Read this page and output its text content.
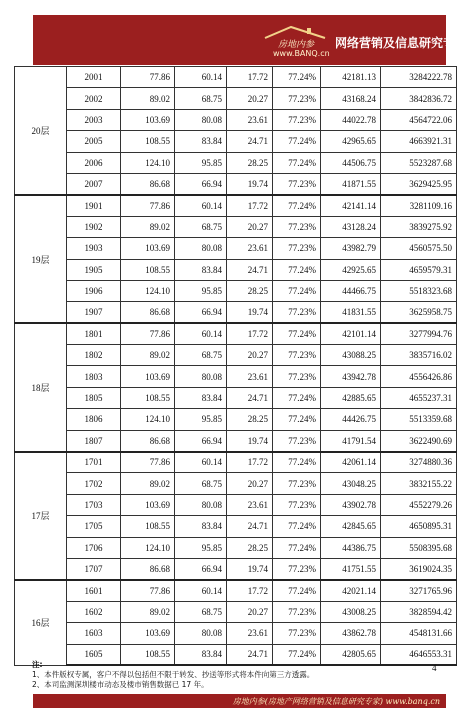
房地内参
www.BANQ.cn
网络营销及信息研究专家
20层	2001	77.86	60.14	17.72	77.24%	42181.13	3284222.78
	2002	89.02	68.75	20.27	77.23%	43168.24	3842836.72
	2003	103.69	80.08	23.61	77.23%	44022.78	4564722.06
	2005	108.55	83.84	24.71	77.24%	42965.65	4663921.31
	2006	124.10	95.85	28.25	77.24%	44506.75	5523287.68
	2007	86.68	66.94	19.74	77.23%	41871.55	3629425.95
19层	1901	77.86	60.14	17.72	77.24%	42141.14	3281109.16
	1902	89.02	68.75	20.27	77.23%	43128.24	3839275.92
	1903	103.69	80.08	23.61	77.23%	43982.79	4560575.50
	1905	108.55	83.84	24.71	77.24%	42925.65	4659579.31
	1906	124.10	95.85	28.25	77.24%	44466.75	5518323.68
	1907	86.68	66.94	19.74	77.23%	41831.55	3625958.75
18层	1801	77.86	60.14	17.72	77.24%	42101.14	3277994.76
	1802	89.02	68.75	20.27	77.23%	43088.25	3835716.02
	1803	103.69	80.08	23.61	77.23%	43942.78	4556426.86
	1805	108.55	83.84	24.71	77.24%	42885.65	4655237.31
	1806	124.10	95.85	28.25	77.24%	44426.75	5513359.68
	1807	86.68	66.94	19.74	77.23%	41791.54	3622490.69
17层	1701	77.86	60.14	17.72	77.24%	42061.14	3274880.36
	1702	89.02	68.75	20.27	77.23%	43048.25	3832155.22
	1703	103.69	80.08	23.61	77.23%	43902.78	4552279.26
	1705	108.55	83.84	24.71	77.24%	42845.65	4650895.31
	1706	124.10	95.85	28.25	77.24%	44386.75	5508395.68
	1707	86.68	66.94	19.74	77.23%	41751.55	3619024.35
16层	1601	77.86	60.14	17.72	77.24%	42021.14	3271765.96
	1602	89.02	68.75	20.27	77.23%	43008.25	3828594.42
	1603	103.69	80.08	23.61	77.23%	43862.78	4548131.66
	1605	108.55	83.84	24.71	77.24%	42805.65	4646553.31
注:
1、本件版权专属，客户不得以包括但不限于转发、抄送等形式将本件向第三方透露。
2、本司监测深圳楼市动态及楼市销售数据已 17 年。
4
房地内参(房地产网络营销及信息研究专家) www.banq.cn
